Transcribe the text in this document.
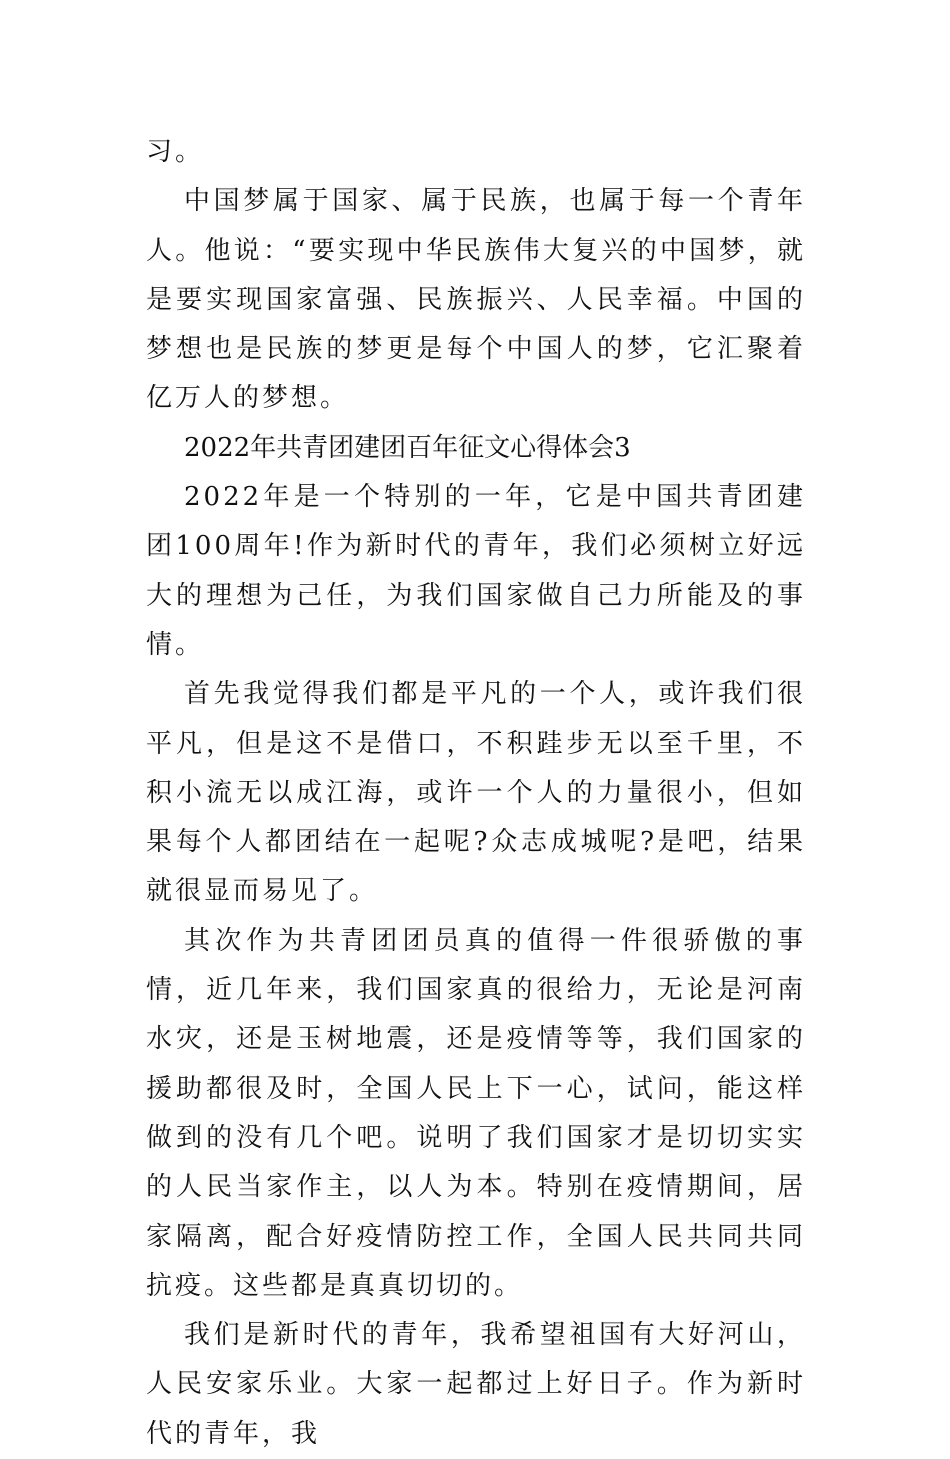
习。

中国梦属于国家、属于民族，也属于每一个青年人。他说：“要实现中华民族伟大复兴的中国梦，就是要实现国家富强、民族振兴、人民幸福。中国的梦想也是民族的梦更是每个中国人的梦，它汇聚着亿万人的梦想。

2022年共青团建团百年征文心得体会3

2022年是一个特别的一年，它是中国共青团建团100周年!作为新时代的青年，我们必须树立好远大的理想为己任，为我们国家做自己力所能及的事情。

首先我觉得我们都是平凡的一个人，或许我们很平凡，但是这不是借口，不积跬步无以至千里，不积小流无以成江海，或许一个人的力量很小，但如果每个人都团结在一起呢?众志成城呢?是吧，结果就很显而易见了。

其次作为共青团团员真的值得一件很骄傲的事情，近几年来，我们国家真的很给力，无论是河南水灾，还是玉树地震，还是疫情等等，我们国家的援助都很及时，全国人民上下一心，试问，能这样做到的没有几个吧。说明了我们国家才是切切实实的人民当家作主，以人为本。特别在疫情期间，居家隔离，配合好疫情防控工作，全国人民共同共同抗疫。这些都是真真切切的。

我们是新时代的青年，我希望祖国有大好河山，人民安家乐业。大家一起都过上好日子。作为新时代的青年，我
